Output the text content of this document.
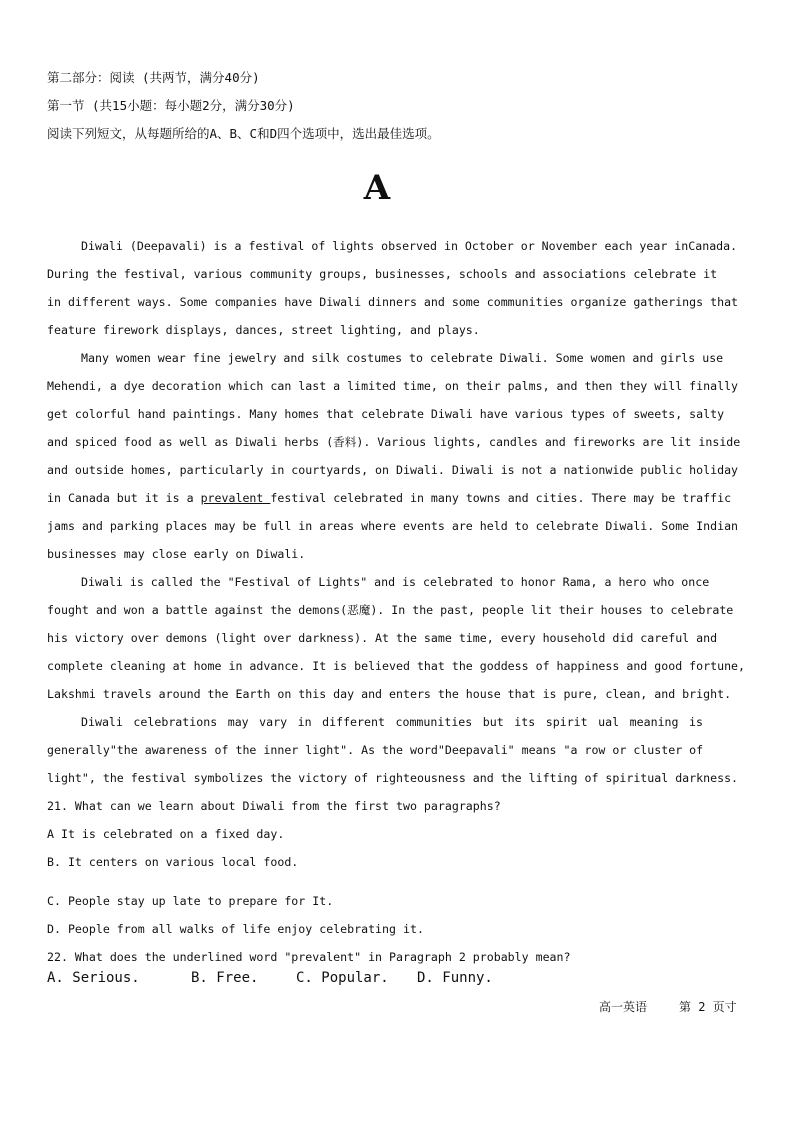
第二部分：阅读 (共两节，满分40分)
第一节 (共15小题：每小题2分，满分30分)
阅读下列短文，从每题所给的A、B、C和D四个选项中，选出最佳选项。
A
Diwali (Deepavali) is a festival of lights observed in October or November each year inCanada.
During the festival, various community groups, businesses, schools and associations celebrate it
in different ways. Some companies have Diwali dinners and some communities organize gatherings that
feature firework displays, dances, street lighting, and plays.
Many women wear fine jewelry and silk costumes to celebrate Diwali. Some women and girls use
Mehendi, a dye decoration which can last a limited time, on their palms, and then they will finally
get colorful hand paintings. Many homes that celebrate Diwali have various types of sweets, salty
and spiced food as well as Diwali herbs (香料). Various lights, candles and fireworks are lit inside
and outside homes, particularly in courtyards, on Diwali. Diwali is not a nationwide public holiday
in Canada but it is a prevalent festival celebrated in many towns and cities. There may be traffic
jams and parking places may be full in areas where events are held to celebrate Diwali. Some Indian
businesses may close early on Diwali.
Diwali is called the "Festival of Lights" and is celebrated to honor Rama, a hero who once
fought and won a battle against the demons(恶魔). In the past, people lit their houses to celebrate
his victory over demons (light over darkness). At the same time, every household did careful and
complete cleaning at home in advance. It is believed that the goddess of happiness and good fortune,
Lakshmi travels around the Earth on this day and enters the house that is pure, clean, and bright.
Diwali celebrations may vary in different communities but its spirit ual meaning is
generally"the awareness of the inner light". As the word"Deepavali" means "a row or cluster of
light", the festival symbolizes the victory of righteousness and the lifting of spiritual darkness.
21. What can we learn about Diwali from the first two paragraphs?
A It is celebrated on a fixed day.
B. It centers on various local food.
C. People stay up late to prepare for It.
D. People from all walks of life enjoy celebrating it.
22. What does the underlined word "prevalent" in Paragraph 2 probably mean?
A. Serious.	B. Free.	C. Popular. D. Funny.
高一英语	第 2 页寸
